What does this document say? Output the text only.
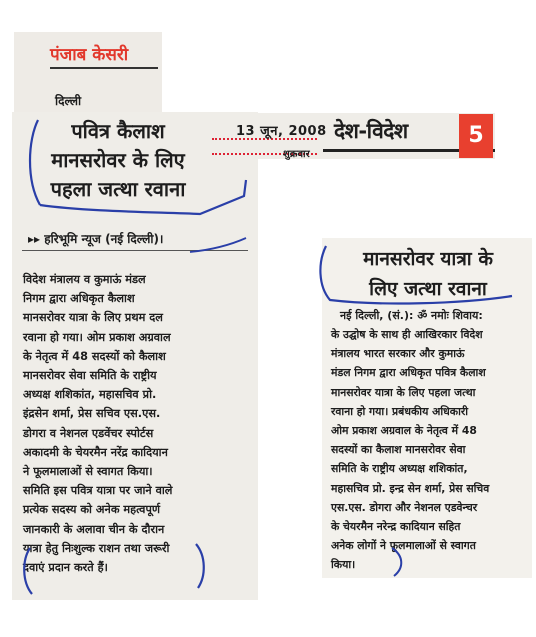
पंजाब केसरी
दिल्ली
13 जून, 2008
शुक्रवार
देश-विदेश	5
पवित्र कैलाश
मानसरोवर के लिए
पहला जत्था रवाना
▸▸ हरिभूमि न्यूज (नई दिल्ली)।
विदेश मंत्रालय व कुमाऊं मंडल
निगम द्वारा अधिकृत कैलाश
मानसरोवर यात्रा के लिए प्रथम दल
रवाना हो गया। ओम प्रकाश अग्रवाल
के नेतृत्व में 48 सदस्यों को कैलाश
मानसरोवर सेवा समिति के राष्ट्रीय
अध्यक्ष शशिकांत, महासचिव प्रो.
इंद्रसेन शर्मा, प्रेस सचिव एस.एस.
डोगरा व नेशनल एडवेंचर स्पोर्टस
अकादमी के चेयरमैन नरेंद्र कादियान
ने फूलमालाओं से स्वागत किया।
समिति इस पवित्र यात्रा पर जाने वाले
प्रत्येक सदस्य को अनेक महत्वपूर्ण
जानकारी के अलावा चीन के दौरान
यात्रा हेतु निःशुल्क राशन तथा जरूरी
दवाएं प्रदान करते हैं।
मानसरोवर यात्रा के
लिए जत्था रवाना
नई दिल्ली, (सं.): ॐ नमोः शिवाय:
के उद्घोष के साथ ही आखिरकार विदेश
मंत्रालय भारत सरकार और कुमाऊं
मंडल निगम द्वारा अधिकृत पवित्र कैलाश
मानसरोवर यात्रा के लिए पहला जत्था
रवाना हो गया। प्रबंधकीय अधिकारी
ओम प्रकाश अग्रवाल के नेतृत्व में 48
सदस्यों का कैलाश मानसरोवर सेवा
समिति के राष्ट्रीय अध्यक्ष शशिकांत,
महासचिव प्रो. इन्द्र सेन शर्मा, प्रेस सचिव
एस.एस. डोगरा और नेशनल एडवेन्चर
के चेयरमैन नरेन्द्र कादियान सहित
अनेक लोगों ने फूलमालाओं से स्वागत
किया।
